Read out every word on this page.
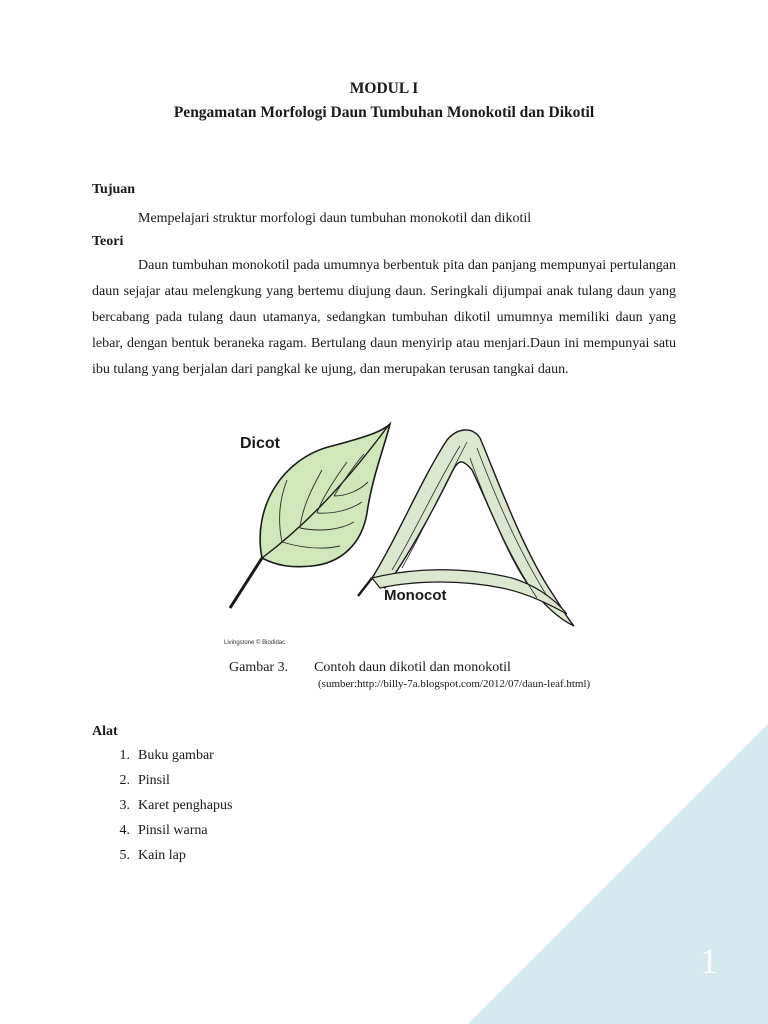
MODUL I
Pengamatan Morfologi Daun Tumbuhan Monokotil dan Dikotil
Tujuan

Mempelajari struktur morfologi daun tumbuhan monokotil dan dikotil

Teori

Daun tumbuhan monokotil pada umumnya berbentuk pita dan panjang mempunyai pertulangan daun sejajar atau melengkung yang bertemu diujung daun. Seringkali dijumpai anak tulang daun yang bercabang pada tulang daun utamanya, sedangkan tumbuhan dikotil umumnya memiliki daun yang lebar, dengan bentuk beraneka ragam. Bertulang daun menyirip atau menjari.Daun ini mempunyai satu ibu tulang yang berjalan dari pangkal ke ujung, dan merupakan terusan tangkai daun.

Dicot
Monocot
Livingstone © Biodidac
Gambar 3. Contoh daun dikotil dan monokotil
(sumber:http://billy-7a.blogspot.com/2012/07/daun-leaf.html)
Alat
1. Buku gambar
2. Pinsil
3. Karet penghapus
4. Pinsil warna
5. Kain lap
1
